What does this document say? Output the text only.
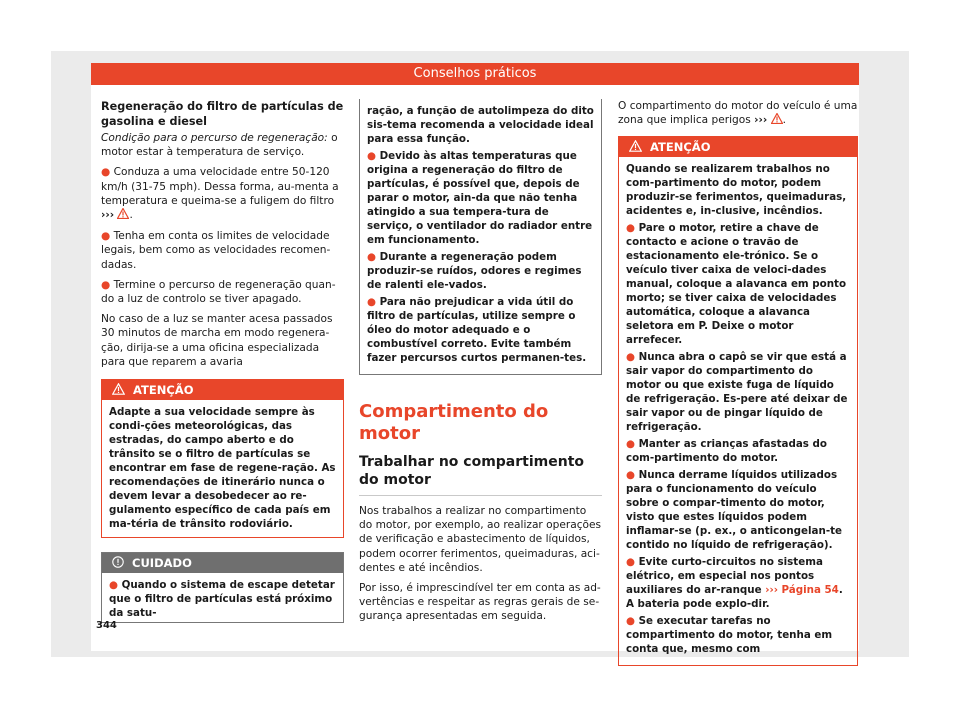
Conselhos práticos
Regeneração do filtro de partículas de gasolina e diesel

Condição para o percurso de regeneração: o motor estar à temperatura de serviço.

● Conduza a uma velocidade entre 50-120 km/h (31-75 mph). Dessa forma, au-menta a temperatura e queima-se a fuligem do filtro ››› .

● Tenha em conta os limites de velocidade legais, bem como as velocidades recomen-dadas.

● Termine o percurso de regeneração quan-do a luz de controlo se tiver apagado.

No caso de a luz se manter acesa passados 30 minutos de marcha em modo regenera-ção, dirija-se a uma oficina especializada para que reparem a avaria

ATENÇÃO
Adapte a sua velocidade sempre às condi-ções meteorológicas, das estradas, do campo aberto e do trânsito se o filtro de partículas se encontrar em fase de regene-ração. As recomendações de itinerário nunca o devem levar a desobedecer ao re-gulamento específico de cada país em ma-téria de trânsito rodoviário.
CUIDADO
● Quando o sistema de escape detetar que o filtro de partículas está próximo da satu-

ração, a função de autolimpeza do dito sis-tema recomenda a velocidade ideal para essa função.

● Devido às altas temperaturas que origina a regeneração do filtro de partículas, é possível que, depois de parar o motor, ain-da que não tenha atingido a sua tempera-tura de serviço, o ventilador do radiador entre em funcionamento.

● Durante a regeneração podem produzir-se ruídos, odores e regimes de ralenti ele-vados.

● Para não prejudicar a vida útil do filtro de partículas, utilize sempre o óleo do motor adequado e o combustível correto. Evite também fazer percursos curtos permanen-tes.

Compartimento do motor
Trabalhar no compartimento do motor

Nos trabalhos a realizar no compartimento do motor, por exemplo, ao realizar operações de verificação e abastecimento de líquidos, podem ocorrer ferimentos, queimaduras, aci-dentes e até incêndios.

Por isso, é imprescindível ter em conta as ad-vertências e respeitar as regras gerais de se-gurança apresentadas em seguida.

O compartimento do motor do veículo é uma zona que implica perigos ››› .

ATENÇÃO

Quando se realizarem trabalhos no com-partimento do motor, podem produzir-se ferimentos, queimaduras, acidentes e, in-clusive, incêndios.

● Pare o motor, retire a chave de contacto e acione o travão de estacionamento ele-trónico. Se o veículo tiver caixa de veloci-dades manual, coloque a alavanca em ponto morto; se tiver caixa de velocidades automática, coloque a alavanca seletora em P. Deixe o motor arrefecer.

● Nunca abra o capô se vir que está a sair vapor do compartimento do motor ou que existe fuga de líquido de refrigeração. Es-pere até deixar de sair vapor ou de pingar líquido de refrigeração.

● Manter as crianças afastadas do com-partimento do motor.

● Nunca derrame líquidos utilizados para o funcionamento do veículo sobre o compar-timento do motor, visto que estes líquidos podem inflamar-se (p. ex., o anticongelan-te contido no líquido de refrigeração).

● Evite curto-circuitos no sistema elétrico, em especial nos pontos auxiliares do ar-ranque ››› Página 54. A bateria pode explo-dir.

● Se executar tarefas no compartimento do motor, tenha em conta que, mesmo com

344
